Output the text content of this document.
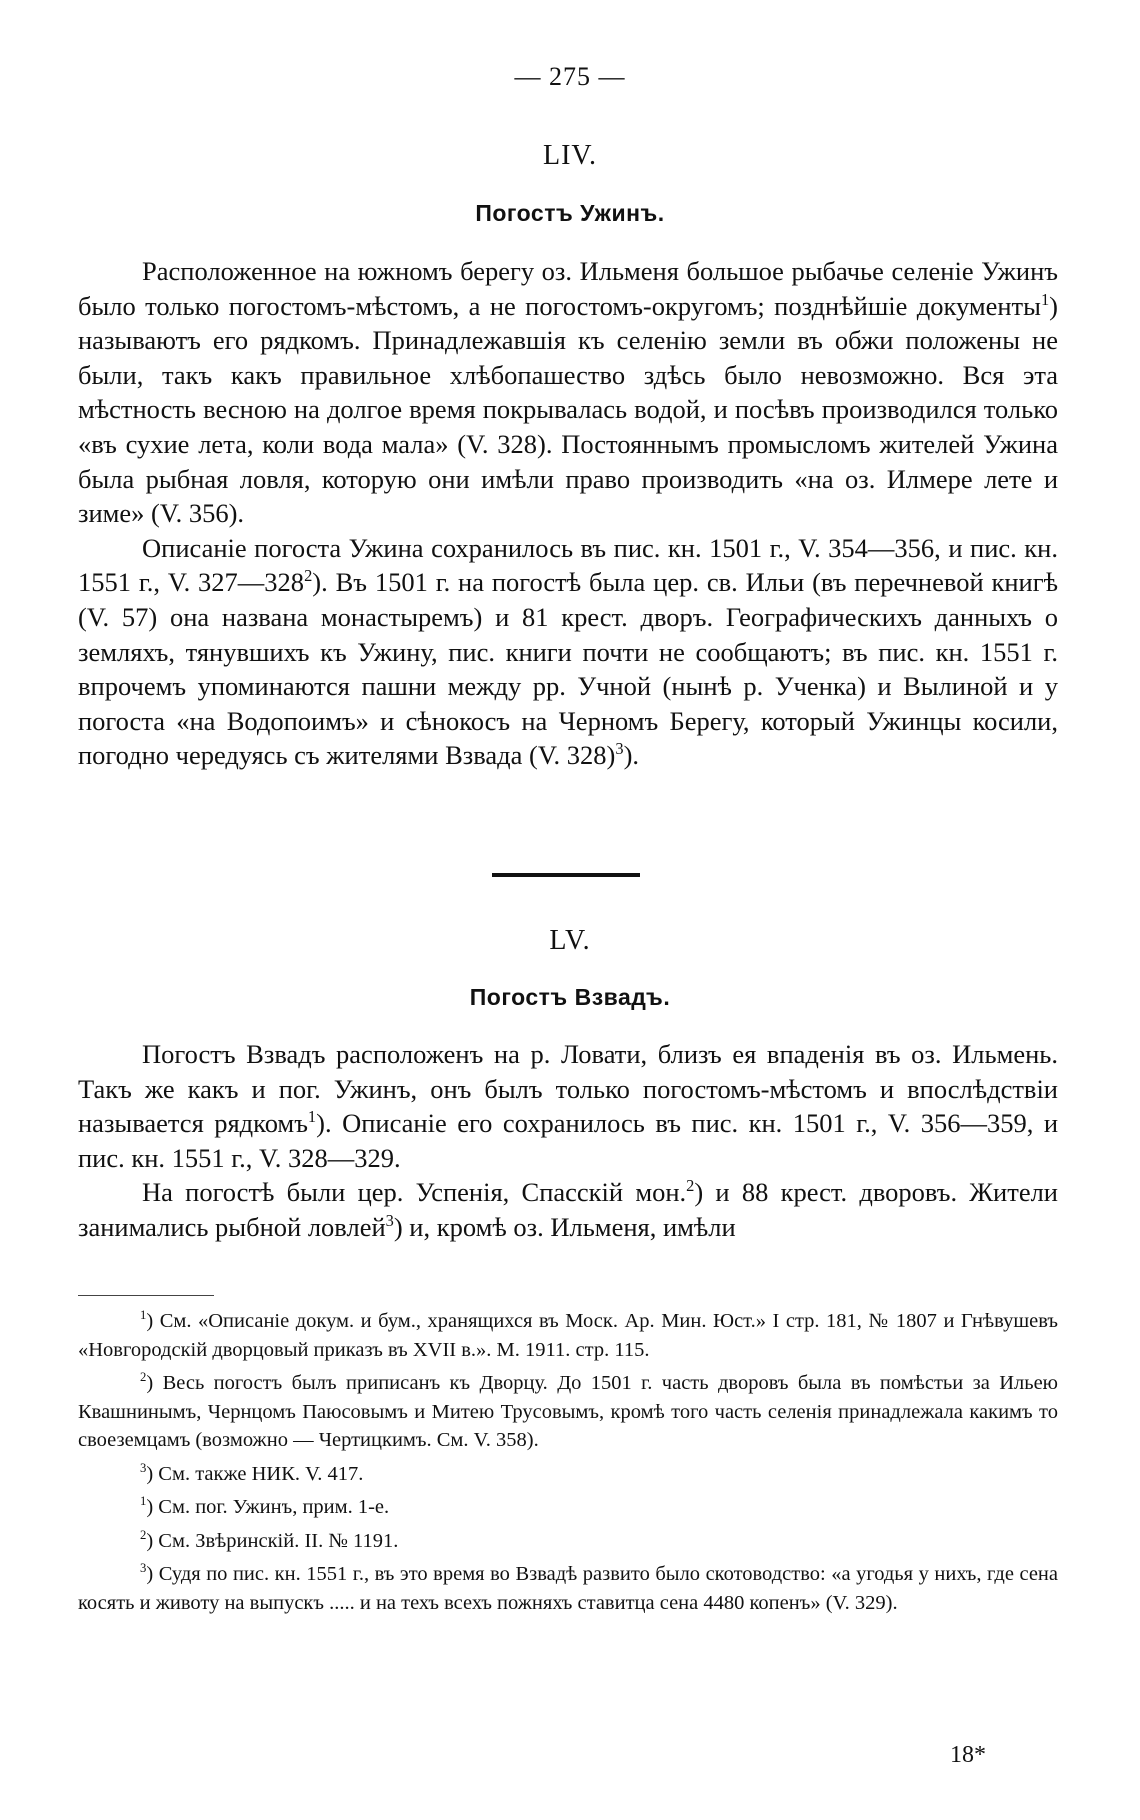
— 275 —
LIV.
Погостъ Ужинъ.

Расположенное на южномъ берегу оз. Ильменя большое рыбачье селеніе Ужинъ было только погостомъ-мѣстомъ, а не погостомъ-округомъ; позднѣйшіе документы$^1$) называютъ его рядкомъ. Принадлежавшія къ селенію земли въ обжи положены не были, такъ какъ правильное хлѣбопашество здѣсь было невозможно. Вся эта мѣстность весною на долгое время покрывалась водой, и посѣвъ производился только «въ сухие лета, коли вода мала» (V. 328). Постояннымъ промысломъ жителей Ужина была рыбная ловля, которую они имѣли право производить «на оз. Илмере лете и зиме» (V. 356).

Описаніе погоста Ужина сохранилось въ пис. кн. 1501 г., V. 354—356, и пис. кн. 1551 г., V. $327—328^2$). Въ 1501 г. на погостѣ была цер. св. Ильи (въ перечневой книгѣ (V. 57) она названа монастыремъ) и 81 крест. дворъ. Географическихъ данныхъ о земляхъ, тянувшихъ къ Ужину, пис. книги почти не сообщаютъ; въ пис. кн. 1551 г. впрочемъ упоминаются пашни между рр. Учной (нынѣ р. Ученка) и Вылиной и у погоста «на Водопоимъ» и сѣнокосъ на Черномъ Берегу, который Ужинцы косили, погодно чередуясь съ жителями Взвада (V. 328)$^3$).

LV.
Погостъ Взвадъ.

Погостъ Взвадъ расположенъ на р. Ловати, близъ ея впаденія въ оз. Ильмень. Такъ же какъ и пог. Ужинъ, онъ былъ только погостомъ-мѣстомъ и впослѣдствіи называется рядкомъ$^1$). Описаніе его сохранилось въ пис. кн. 1501 г., V. 356—359, и пис. кн. 1551 г., V. 328—329.

На погостѣ были цер. Успенія, Спасскій мон.$^2$) и 88 крест. дворовъ. Жители занимались рыбной ловлей$^3$) и, кромѣ оз. Ильменя, имѣли

$^1$) См. «Описаніе докум. и бум., хранящихся въ Моск. Ар. Мин. Юст.» I стр. 181, № 1807 и Гнѣвушевъ «Новгородскій дворцовый приказъ въ XVII в.». М. 1911. стр. 115.

$^2$) Весь погостъ былъ приписанъ къ Дворцу. До 1501 г. часть дворовъ была въ помѣстьи за Ильею Квашнинымъ, Чернцомъ Паюсовымъ и Митею Трусовымъ, кромѣ того часть селенія принадлежала какимъ то своеземцамъ (возможно — Чертицкимъ. См. V. 358).

$^3$) См. также НИК. V. 417.

$^1$) См. пог. Ужинъ, прим. 1-е.

$^2$) См. Звѣринскій. II. № 1191.

$^3$) Судя по пис. кн. 1551 г., въ это время во Взвадѣ развито было скотоводство: «а угодья у нихъ, где сена косять и животу на выпускъ ..... и на техъ всехъ пожняхъ ставитца сена 4480 копенъ» (V. 329).

18*
